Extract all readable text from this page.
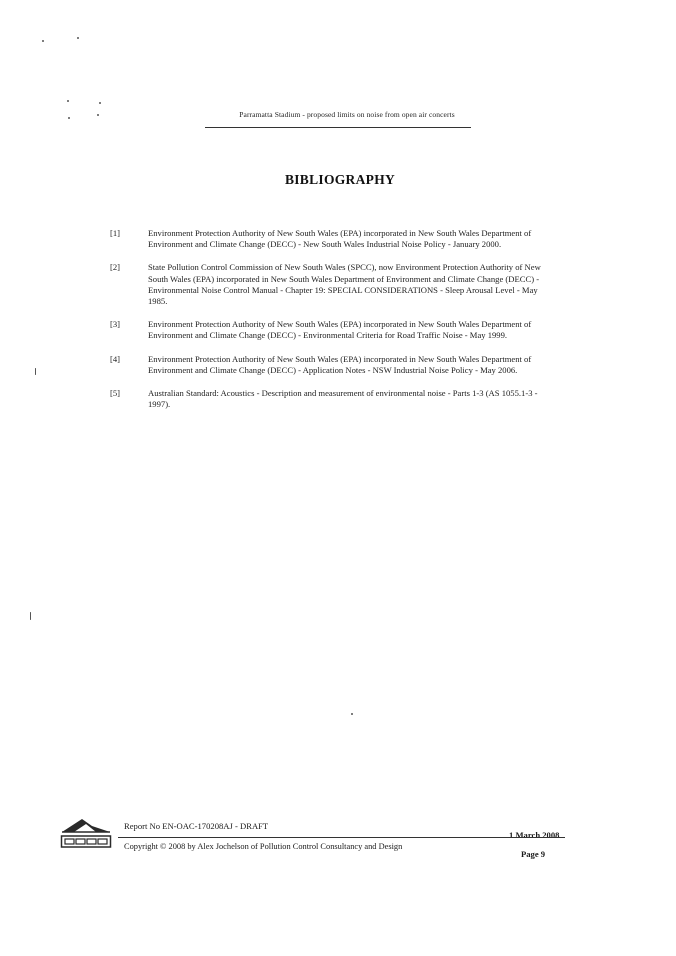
Parramatta Stadium - proposed limits on noise from open air concerts
BIBLIOGRAPHY
[1]	Environment Protection Authority of New South Wales (EPA) incorporated in New South Wales Department of Environment and Climate Change (DECC) - New South Wales Industrial Noise Policy - January 2000.
[2]	State Pollution Control Commission of New South Wales (SPCC), now Environment Protection Authority of New South Wales (EPA) incorporated in New South Wales Department of Environment and Climate Change (DECC) - Environmental Noise Control Manual - Chapter 19: SPECIAL CONSIDERATIONS - Sleep Arousal Level - May 1985.
[3]	Environment Protection Authority of New South Wales (EPA) incorporated in New South Wales Department of Environment and Climate Change (DECC) - Environmental Criteria for Road Traffic Noise - May 1999.
[4]	Environment Protection Authority of New South Wales (EPA) incorporated in New South Wales Department of Environment and Climate Change (DECC) - Application Notes - NSW Industrial Noise Policy - May 2006.
[5]	Australian Standard: Acoustics - Description and measurement of environmental noise - Parts 1-3 (AS 1055.1-3 - 1997).
Report No EN-OAC-170208AJ - DRAFT
1 March 2008
Copyright © 2008 by Alex Jochelson of Pollution Control Consultancy and Design
Page 9
